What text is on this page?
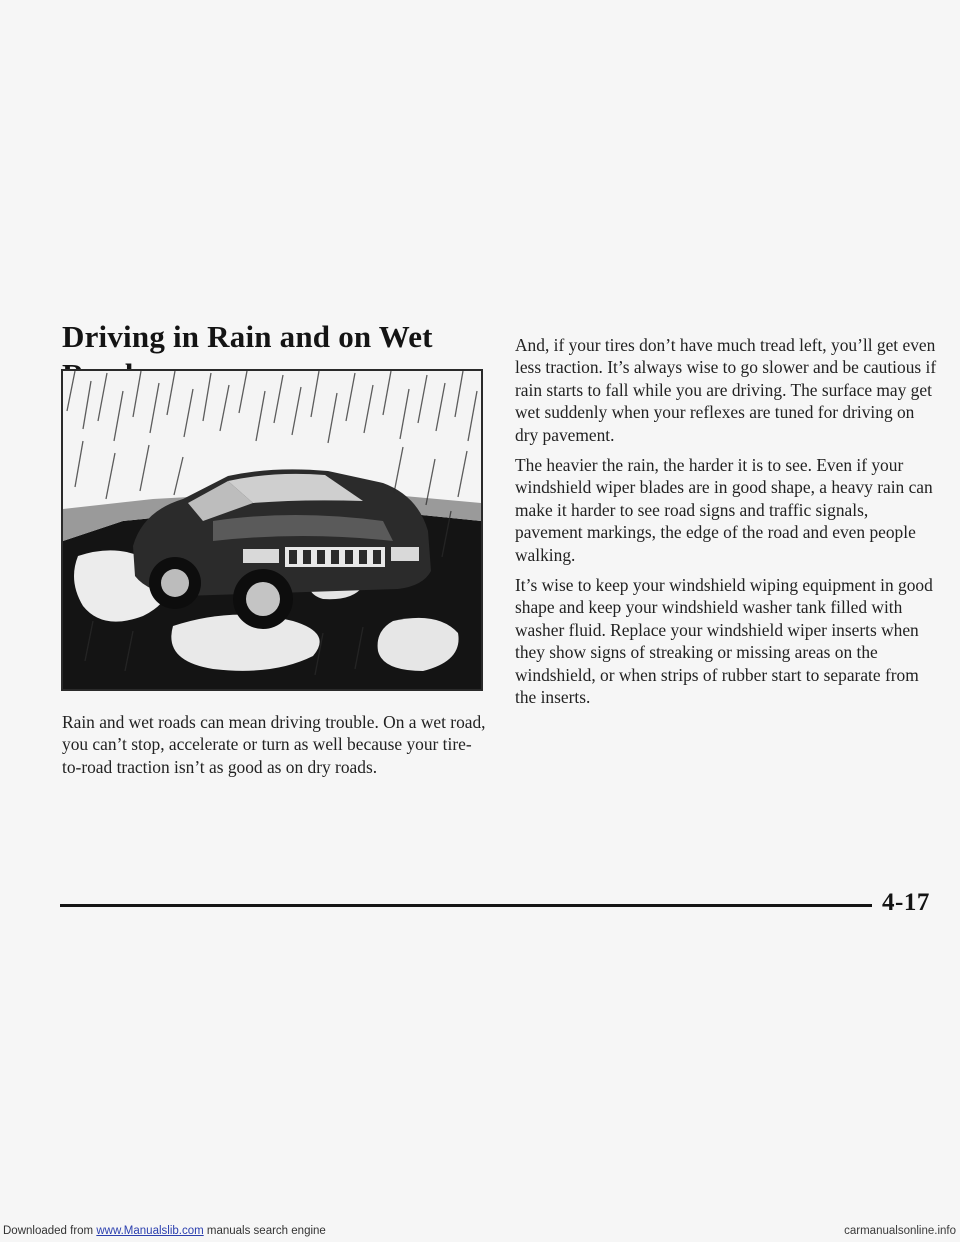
Driving in Rain and on Wet

Rain and wet roads can mean driving trouble. On a wet road, you can’t stop, accelerate or turn as well because your tire-to-road traction isn’t as good as on dry roads.

And, if your tires don’t have much tread left, you’ll get even less traction. It’s always wise to go slower and be cautious if rain starts to fall while you are driving. The surface may get wet suddenly when your reflexes are tuned for driving on dry pavement.

The heavier the rain, the harder it is to see. Even if your windshield wiper blades are in good shape, a heavy rain can make it harder to see road signs and traffic signals, pavement markings, the edge of the road and even people walking.

It’s wise to keep your windshield wiping equipment in good shape and keep your windshield washer tank filled with washer fluid. Replace your windshield wiper inserts when they show signs of streaking or missing areas on the windshield, or when strips of rubber start to separate from the inserts.

4-17
Downloaded from www.Manualslib.com manuals search engine	carmanualsonline.info
